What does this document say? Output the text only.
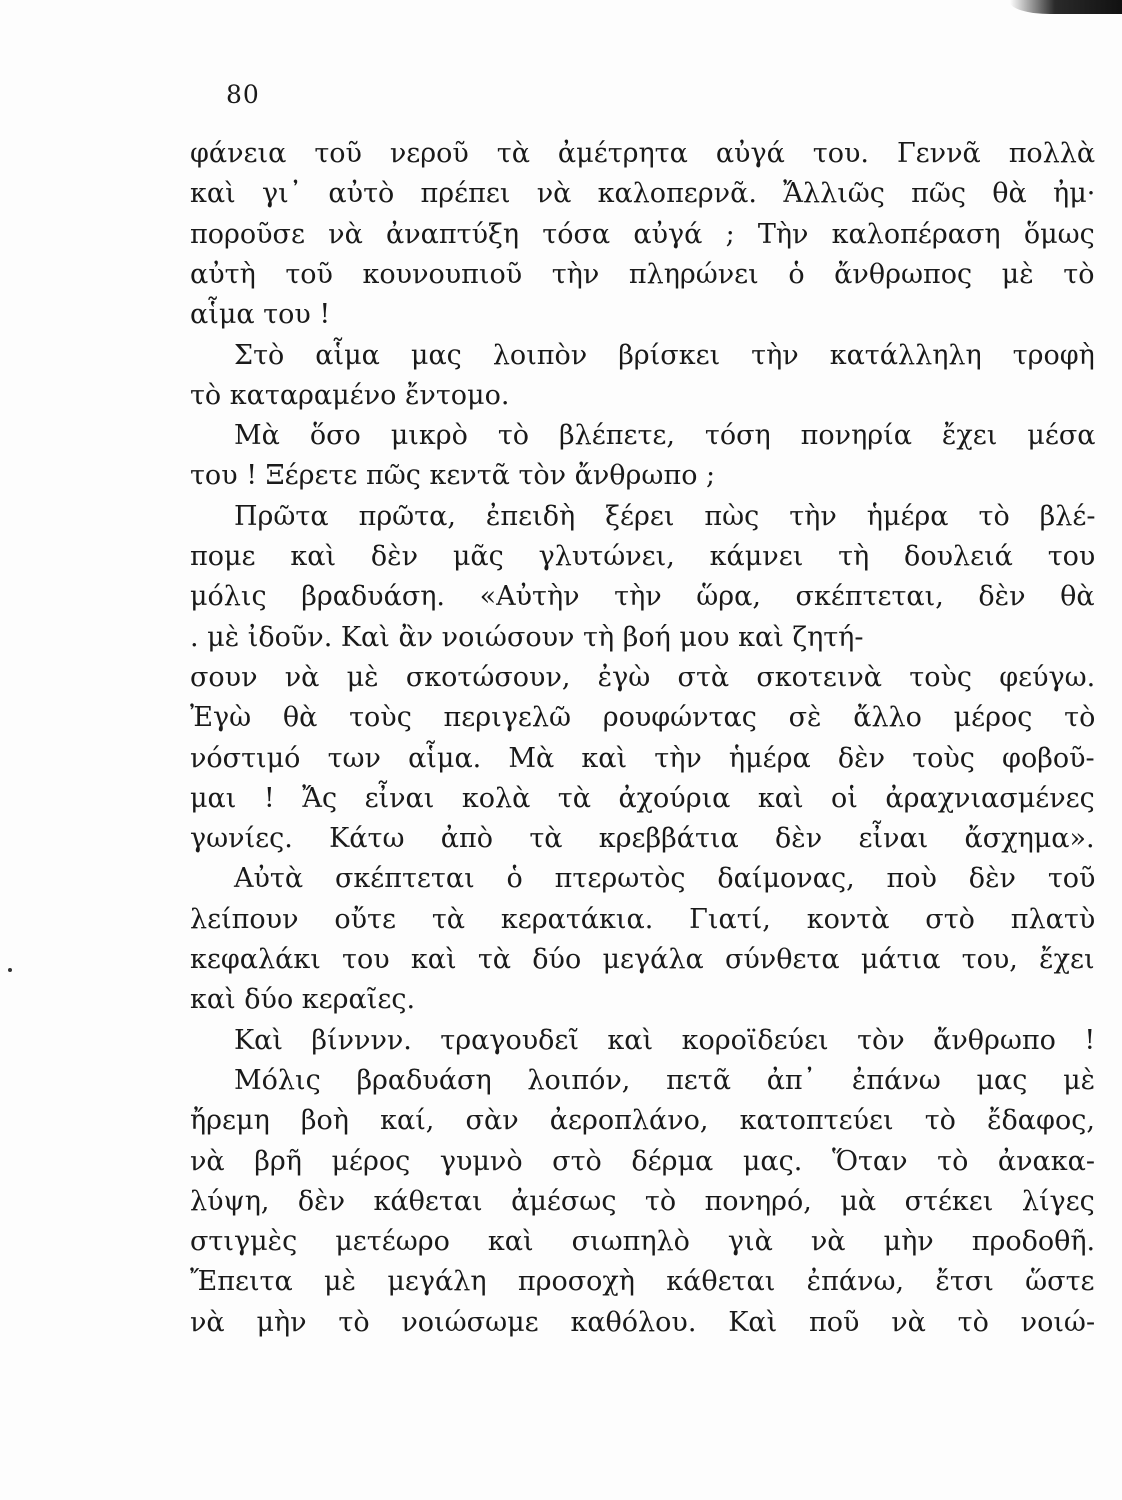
80
φάνεια τοῦ νεροῦ τὰ ἀμέτρητα αὐγά του. Γεννᾶ πολλὰ
καὶ γι᾿ αὐτὸ πρέπει νὰ καλοπερνᾶ. Ἄλλιῶς πῶς θὰ ἠμ·
ποροῦσε νὰ ἀναπτύξη τόσα αὐγά ; Τὴν καλοπέραση ὅμως
αὐτὴ τοῦ κουνουπιοῦ τὴν πληρώνει ὁ ἄνθρωπος μὲ τὸ
αἷμα του !
Στὸ αἷμα μας λοιπὸν βρίσκει τὴν κατάλληλη τροφὴ
τὸ καταραμένο ἔντομο.
Μὰ ὅσο μικρὸ τὸ βλέπετε, τόση πονηρία ἔχει μέσα
του ! Ξέρετε πῶς κεντᾶ τὸν ἄνθρωπο ;
Πρῶτα πρῶτα, ἐπειδὴ ξέρει πὼς τὴν ἡμέρα τὸ βλέ-
πομε καὶ δὲν μᾶς γλυτώνει, κάμνει τὴ δουλειά του
μόλις βραδυάση. «Αὐτὴν τὴν ὥρα, σκέπτεται, δὲν θὰ
. μὲ ἰδοῦν. Καὶ ἂν νοιώσουν τὴ βοή μου καὶ ζητή-
σουν νὰ μὲ σκοτώσουν, ἐγὼ στὰ σκοτεινὰ τοὺς φεύγω.
Ἐγὼ θὰ τοὺς περιγελῶ ρουφώντας σὲ ἄλλο μέρος τὸ
νόστιμό των αἷμα. Μὰ καὶ τὴν ἡμέρα δὲν τοὺς φοβοῦ-
μαι ! Ἄς εἶναι κολὰ τὰ ἀχούρια καὶ οἱ ἀραχνιασμένες
γωνίες. Κάτω ἀπὸ τὰ κρεββάτια δὲν εἶναι ἄσχημα».
Αὐτὰ σκέπτεται ὁ πτερωτὸς δαίμονας, ποὺ δὲν τοῦ
λείπουν οὔτε τὰ κερατάκια. Γιατί, κοντὰ στὸ πλατὺ
κεφαλάκι του καὶ τὰ δύο μεγάλα σύνθετα μάτια του, ἔχει
καὶ δύο κεραῖες.
Καὶ βίνννν. τραγουδεῖ καὶ κοροϊδεύει τὸν ἄνθρωπο !
Μόλις βραδυάση λοιπόν, πετᾶ ἀπ᾿ ἐπάνω μας μὲ
ἤρεμη βοὴ καί, σὰν ἀεροπλάνο, κατοπτεύει τὸ ἔδαφος,
νὰ βρῆ μέρος γυμνὸ στὸ δέρμα μας. Ὅταν τὸ ἀνακα-
λύψη, δὲν κάθεται ἀμέσως τὸ πονηρό, μὰ στέκει λίγες
στιγμὲς μετέωρο καὶ σιωπηλὸ γιὰ νὰ μὴν προδοθῆ.
Ἔπειτα μὲ μεγάλη προσοχὴ κάθεται ἐπάνω, ἔτσι ὥστε
νὰ μὴν τὸ νοιώσωμε καθόλου. Καὶ ποῦ νὰ τὸ νοιώ-
